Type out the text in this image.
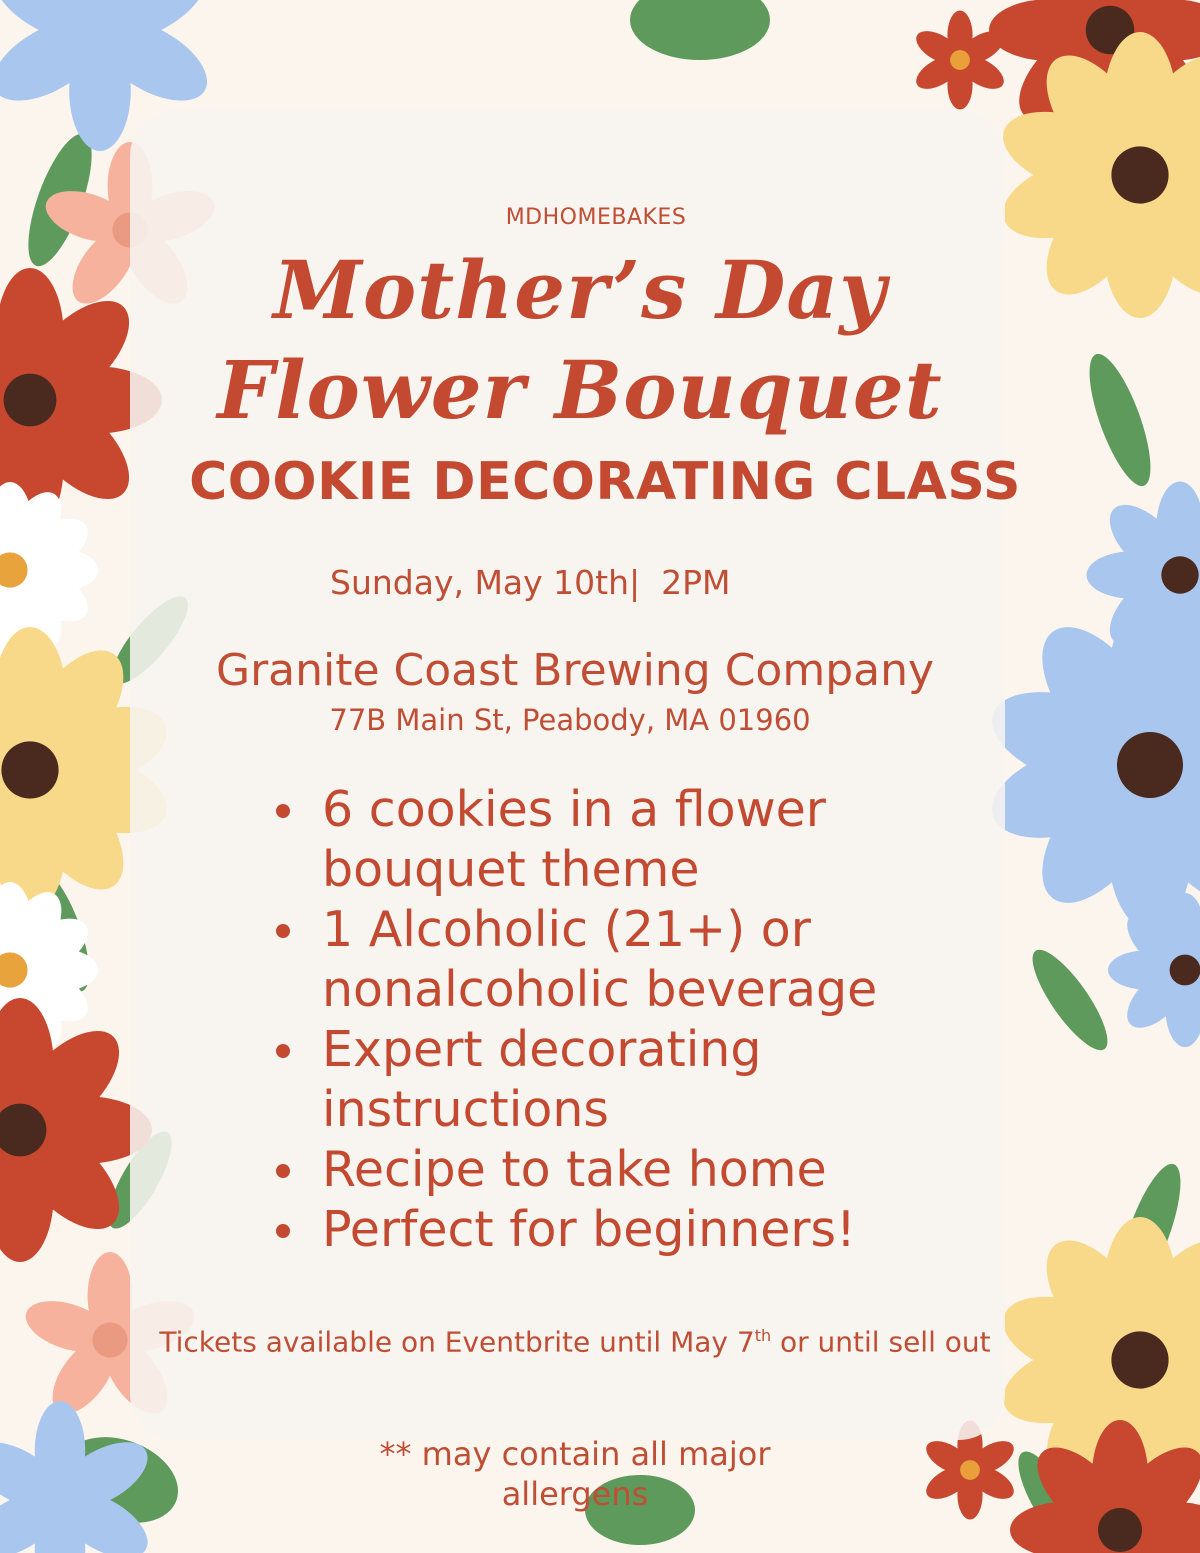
MDHOMEBAKES
Mother’s Day
Flower Bouquet
COOKIE DECORATING CLASS
Sunday, May 10th|  2PM
Granite Coast Brewing Company
77B Main St, Peabody, MA 01960
6 cookies in a flower bouquet theme
1 Alcoholic (21+) or nonalcoholic beverage
Expert decorating instructions
Recipe to take home
Perfect for beginners!
Tickets available on Eventbrite until May 7th or until sell out
** may contain all major allergens
